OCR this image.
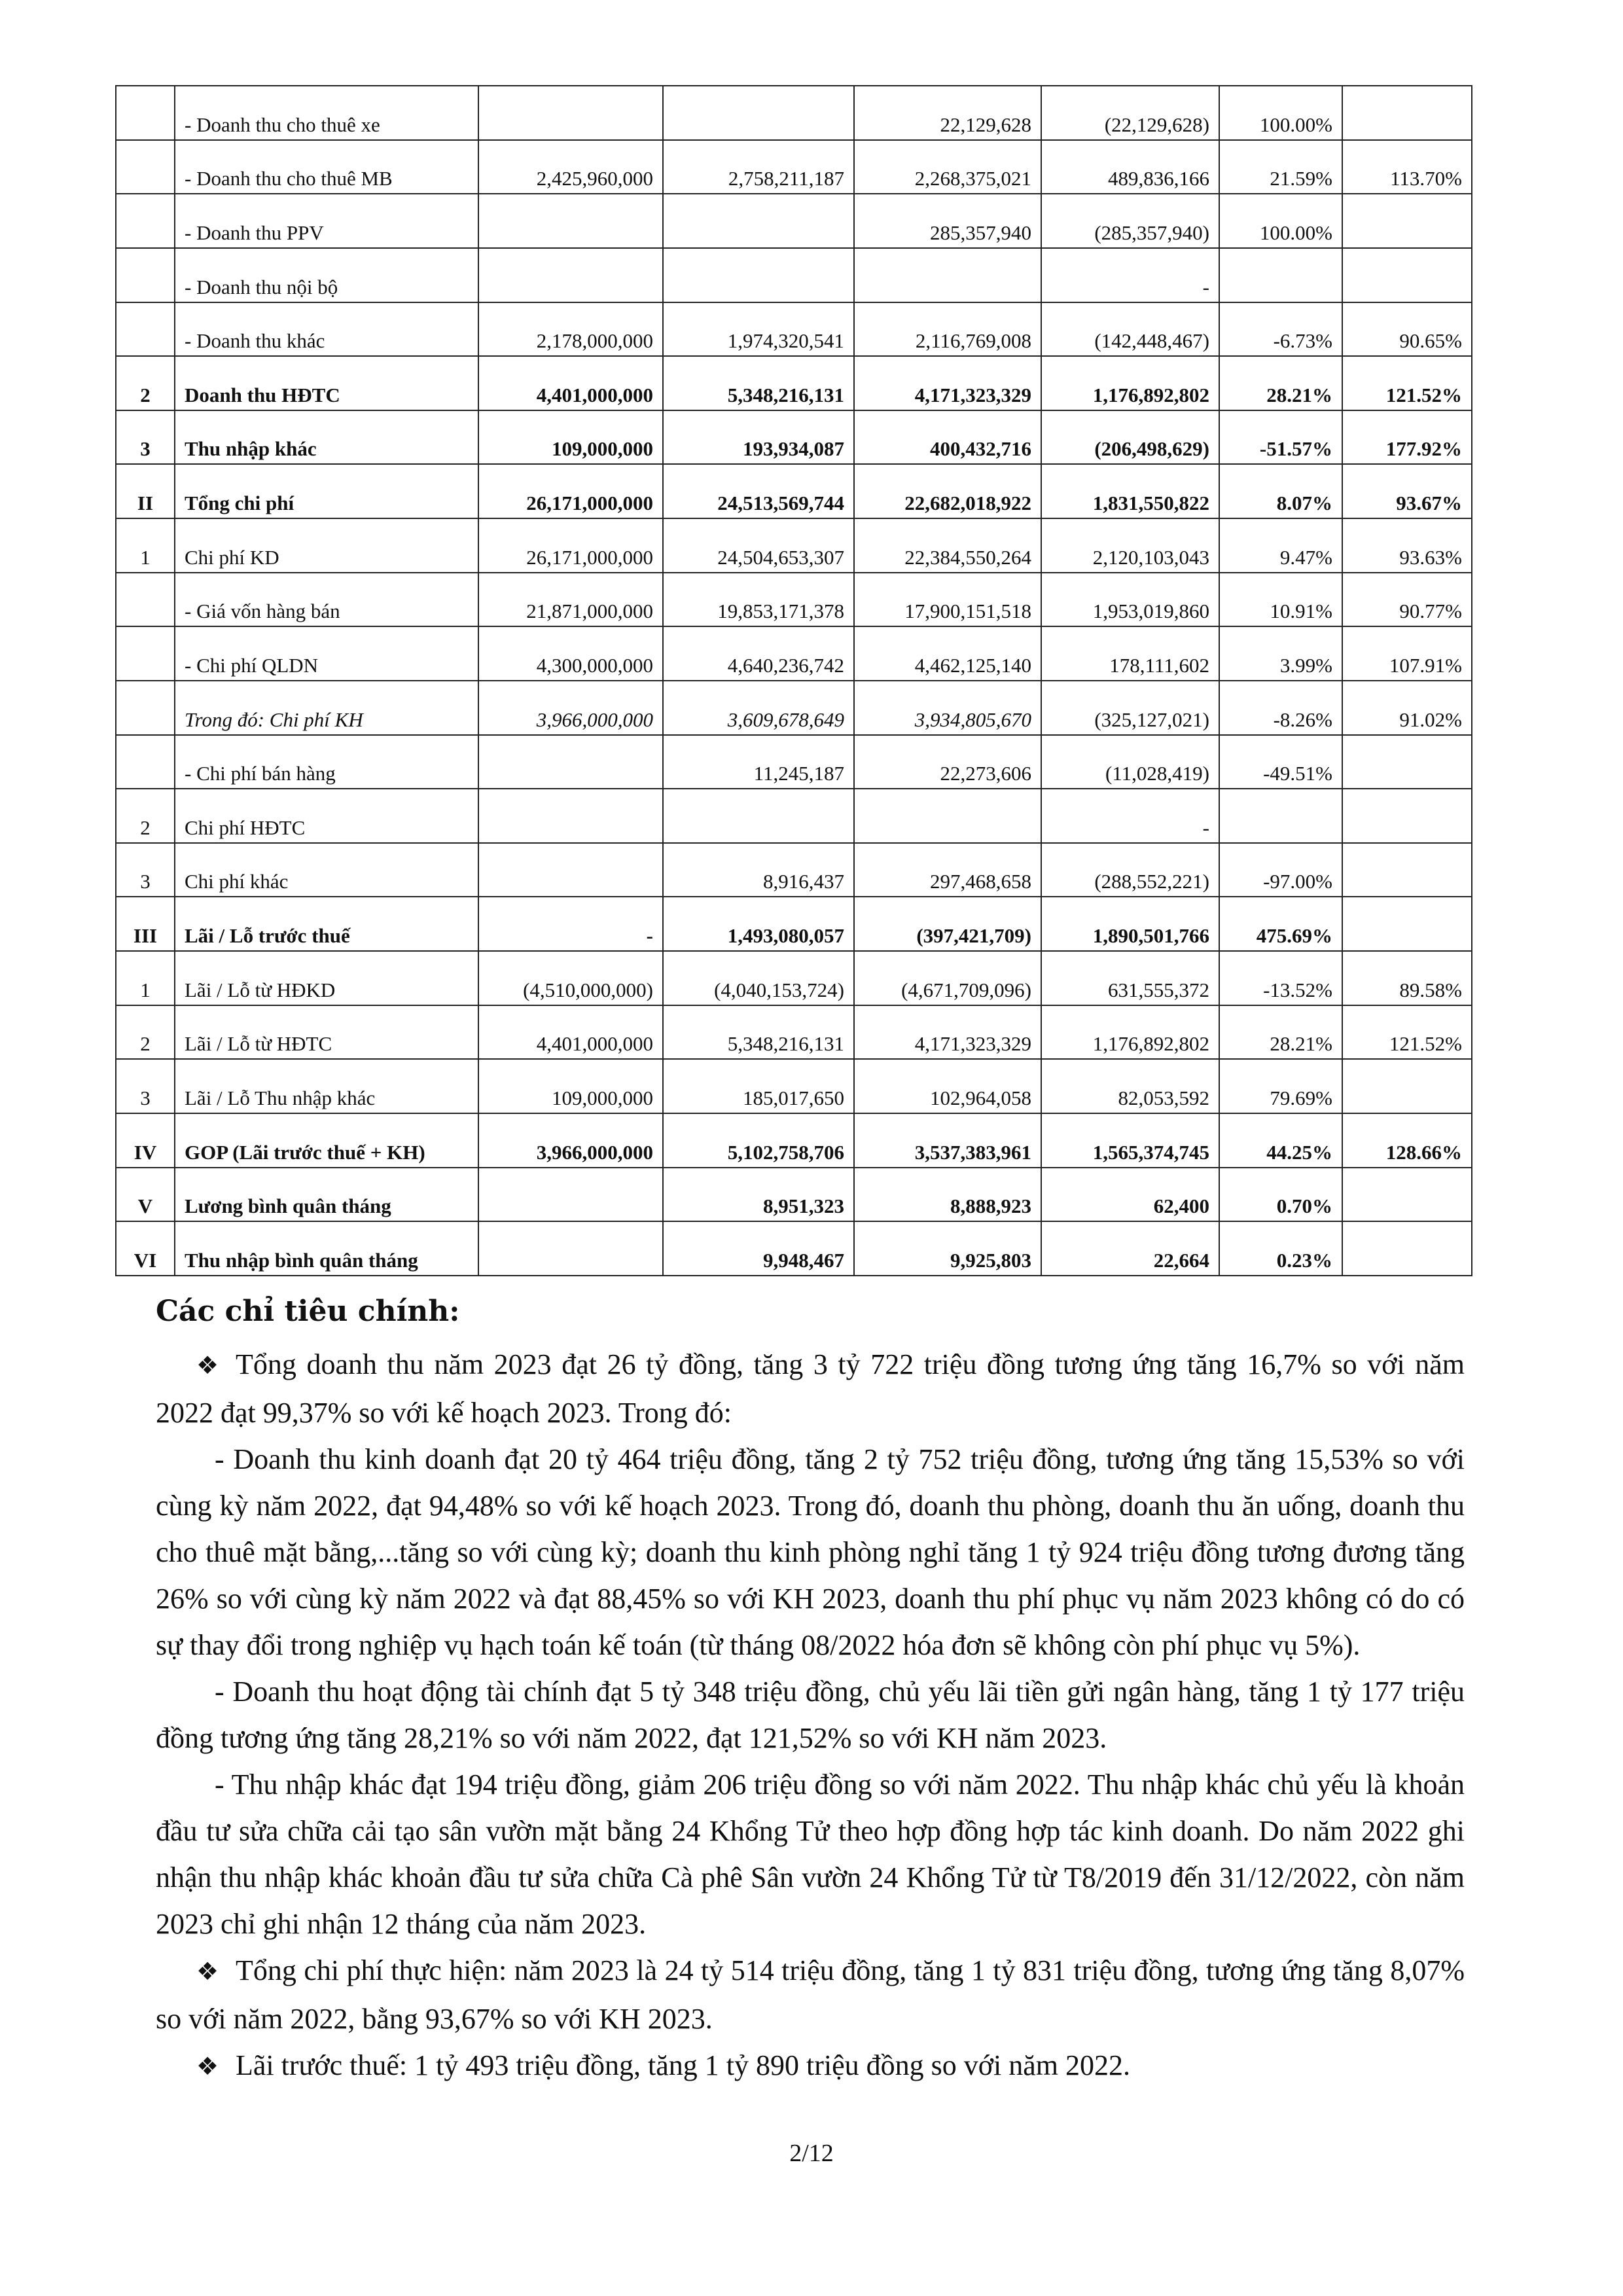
	- Doanh thu cho thuê xe			22,129,628	(22,129,628)	100.00%	
	- Doanh thu cho thuê MB	2,425,960,000	2,758,211,187	2,268,375,021	489,836,166	21.59%	113.70%
	- Doanh thu PPV			285,357,940	(285,357,940)	100.00%	
	- Doanh thu nội bộ				-		
	- Doanh thu khác	2,178,000,000	1,974,320,541	2,116,769,008	(142,448,467)	-6.73%	90.65%
2	Doanh thu HĐTC	4,401,000,000	5,348,216,131	4,171,323,329	1,176,892,802	28.21%	121.52%
3	Thu nhập khác	109,000,000	193,934,087	400,432,716	(206,498,629)	-51.57%	177.92%
II	Tổng chi phí	26,171,000,000	24,513,569,744	22,682,018,922	1,831,550,822	8.07%	93.67%
1	Chi phí KD	26,171,000,000	24,504,653,307	22,384,550,264	2,120,103,043	9.47%	93.63%
	- Giá vốn hàng bán	21,871,000,000	19,853,171,378	17,900,151,518	1,953,019,860	10.91%	90.77%
	- Chi phí QLDN	4,300,000,000	4,640,236,742	4,462,125,140	178,111,602	3.99%	107.91%
	Trong đó: Chi phí KH	3,966,000,000	3,609,678,649	3,934,805,670	(325,127,021)	-8.26%	91.02%
	- Chi phí bán hàng		11,245,187	22,273,606	(11,028,419)	-49.51%	
2	Chi phí HĐTC				-		
3	Chi phí khác		8,916,437	297,468,658	(288,552,221)	-97.00%	
III	Lãi / Lỗ trước thuế	-	1,493,080,057	(397,421,709)	1,890,501,766	475.69%	
1	Lãi / Lỗ từ HĐKD	(4,510,000,000)	(4,040,153,724)	(4,671,709,096)	631,555,372	-13.52%	89.58%
2	Lãi / Lỗ từ HĐTC	4,401,000,000	5,348,216,131	4,171,323,329	1,176,892,802	28.21%	121.52%
3	Lãi / Lỗ Thu nhập khác	109,000,000	185,017,650	102,964,058	82,053,592	79.69%	
IV	GOP (Lãi trước thuế + KH)	3,966,000,000	5,102,758,706	3,537,383,961	1,565,374,745	44.25%	128.66%
V	Lương bình quân tháng		8,951,323	8,888,923	62,400	0.70%	
VI	Thu nhập bình quân tháng		9,948,467	9,925,803	22,664	0.23%	
Các chỉ tiêu chính:

❖ Tổng doanh thu năm 2023 đạt 26 tỷ đồng, tăng 3 tỷ 722 triệu đồng tương ứng tăng 16,7% so với năm 2022 đạt 99,37% so với kế hoạch 2023. Trong đó:

- Doanh thu kinh doanh đạt 20 tỷ 464 triệu đồng, tăng 2 tỷ 752 triệu đồng, tương ứng tăng 15,53% so với cùng kỳ năm 2022, đạt 94,48% so với kế hoạch 2023. Trong đó, doanh thu phòng, doanh thu ăn uống, doanh thu cho thuê mặt bằng,...tăng so với cùng kỳ; doanh thu kinh phòng nghỉ tăng 1 tỷ 924 triệu đồng tương đương tăng 26% so với cùng kỳ năm 2022 và đạt 88,45% so với KH 2023, doanh thu phí phục vụ năm 2023 không có do có sự thay đổi trong nghiệp vụ hạch toán kế toán (từ tháng 08/2022 hóa đơn sẽ không còn phí phục vụ 5%).

- Doanh thu hoạt động tài chính đạt 5 tỷ 348 triệu đồng, chủ yếu lãi tiền gửi ngân hàng, tăng 1 tỷ 177 triệu đồng tương ứng tăng 28,21% so với năm 2022, đạt 121,52% so với KH năm 2023.

- Thu nhập khác đạt 194 triệu đồng, giảm 206 triệu đồng so với năm 2022. Thu nhập khác chủ yếu là khoản đầu tư sửa chữa cải tạo sân vườn mặt bằng 24 Khổng Tử theo hợp đồng hợp tác kinh doanh. Do năm 2022 ghi nhận thu nhập khác khoản đầu tư sửa chữa Cà phê Sân vườn 24 Khổng Tử từ T8/2019 đến 31/12/2022, còn năm 2023 chỉ ghi nhận 12 tháng của năm 2023.

❖ Tổng chi phí thực hiện: năm 2023 là 24 tỷ 514 triệu đồng, tăng 1 tỷ 831 triệu đồng, tương ứng tăng 8,07% so với năm 2022, bằng 93,67% so với KH 2023.

❖ Lãi trước thuế: 1 tỷ 493 triệu đồng, tăng 1 tỷ 890 triệu đồng so với năm 2022.

2/12
